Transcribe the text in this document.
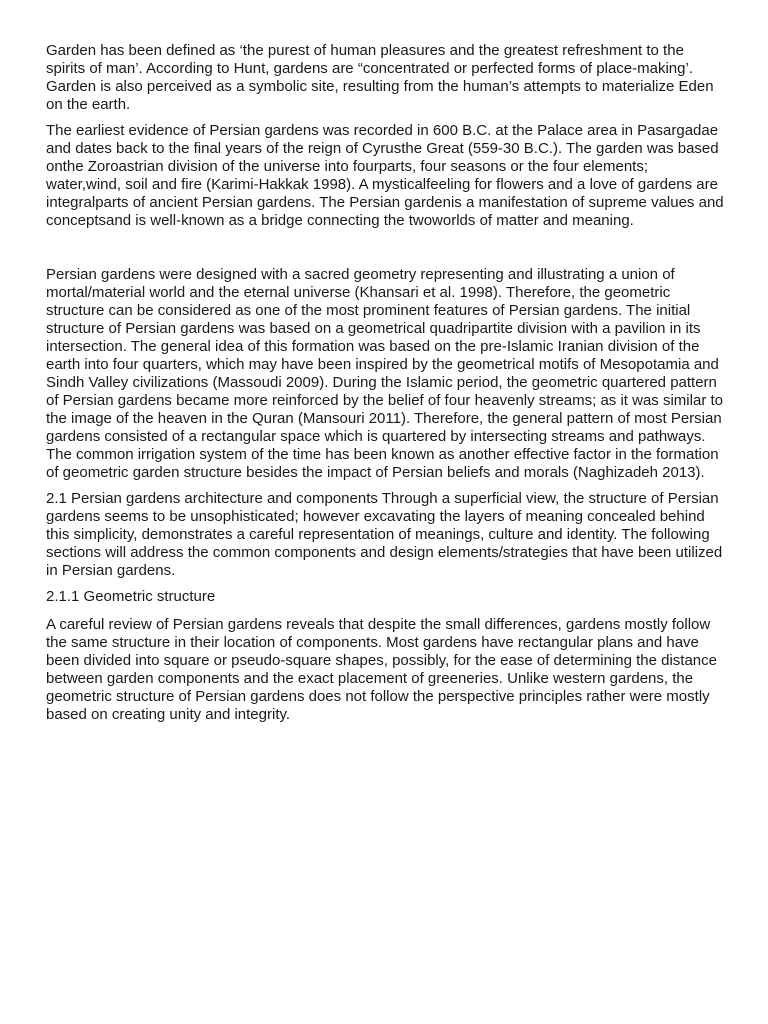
Garden has been defined as ‘the purest of human pleasures and the greatest refreshment to the spirits of man’. According to Hunt, gardens are “concentrated or perfected forms of place-making’. Garden is also perceived as a symbolic site, resulting from the human’s attempts to materialize Eden on the earth.

The earliest evidence of Persian gardens was recorded in 600 B.C. at the Palace area in Pasargadae and dates back to the final years of the reign of Cyrusthe Great (559-30 B.C.). The garden was based onthe Zoroastrian division of the universe into fourparts, four seasons or the four elements; water,wind, soil and fire (Karimi-Hakkak 1998). A mysticalfeeling for flowers and a love of gardens are integralparts of ancient Persian gardens. The Persian gardenis a manifestation of supreme values and conceptsand is well-known as a bridge connecting the twoworlds of matter and meaning.

Persian gardens were designed with a sacred geometry representing and illustrating a union of mortal/material world and the eternal universe (Khansari et al. 1998). Therefore, the geometric structure can be considered as one of the most prominent features of Persian gardens. The initial structure of Persian gardens was based on a geometrical quadripartite division with a pavilion in its intersection. The general idea of this formation was based on the pre-Islamic Iranian division of the earth into four quarters, which may have been inspired by the geometrical motifs of Mesopotamia and Sindh Valley civilizations (Massoudi 2009). During the Islamic period, the geometric quartered pattern of Persian gardens became more reinforced by the belief of four heavenly streams; as it was similar to the image of the heaven in the Quran (Mansouri 2011). Therefore, the general pattern of most Persian gardens consisted of a rectangular space which is quartered by intersecting streams and pathways. The common irrigation system of the time has been known as another effective factor in the formation of geometric garden structure besides the impact of Persian beliefs and morals (Naghizadeh 2013).

2.1 Persian gardens architecture and components Through a superficial view, the structure of Persian gardens seems to be unsophisticated; however excavating the layers of meaning concealed behind this simplicity, demonstrates a careful representation of meanings, culture and identity. The following sections will address the common components and design elements/strategies that have been utilized in Persian gardens.

2.1.1 Geometric structure

A careful review of Persian gardens reveals that despite the small differences, gardens mostly follow the same structure in their location of components. Most gardens have rectangular plans and have been divided into square or pseudo-square shapes, possibly, for the ease of determining the distance between garden components and the exact placement of greeneries. Unlike western gardens, the geometric structure of Persian gardens does not follow the perspective principles rather were mostly based on creating unity and integrity.
